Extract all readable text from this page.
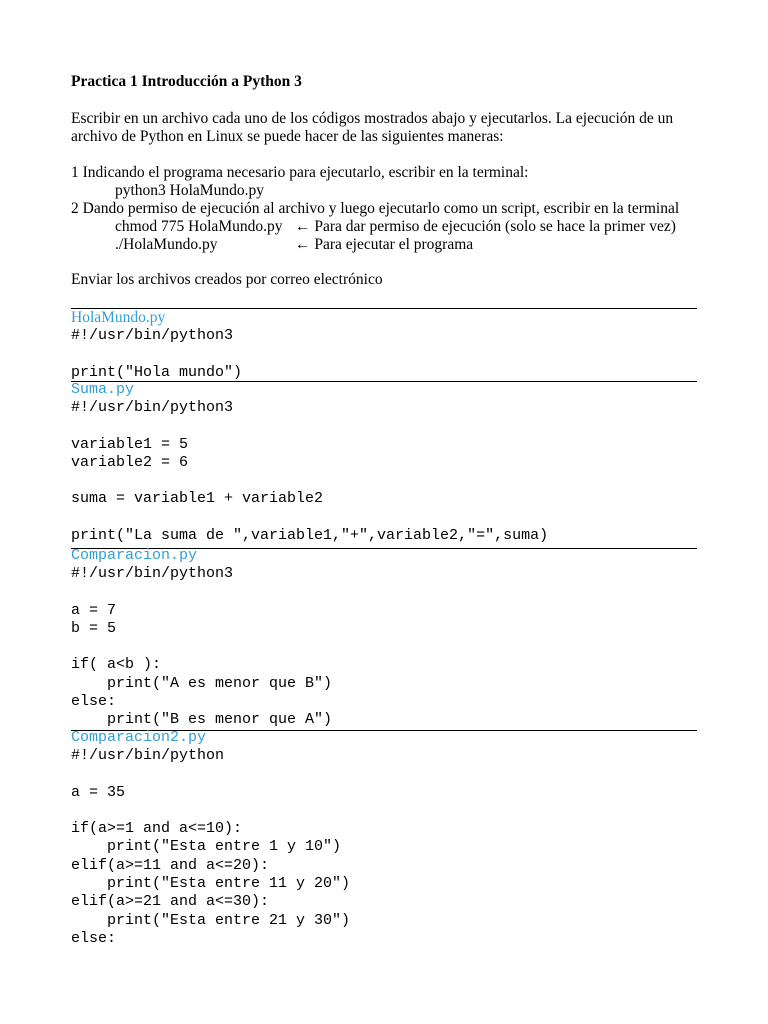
Practica 1 Introducción a Python 3
Escribir en un archivo cada uno de los códigos mostrados abajo y ejecutarlos. La ejecución de un archivo de Python en Linux se puede hacer de las siguientes maneras:
1 Indicando el programa necesario para ejecutarlo, escribir en la terminal:
python3 HolaMundo.py
2 Dando permiso de ejecución al archivo y luego ejecutarlo como un script, escribir en la terminal
chmod 775 HolaMundo.py ← Para dar permiso de ejecución (solo se hace la primer vez)
./HolaMundo.py	← Para ejecutar el programa
Enviar los archivos creados por correo electrónico
HolaMundo.py
#!/usr/bin/python3

print("Hola mundo")
Suma.py
#!/usr/bin/python3

variable1 = 5
variable2 = 6

suma = variable1 + variable2

print("La suma de ",variable1,"+",variable2,"=",suma)
Comparacion.py
#!/usr/bin/python3

a = 7
b = 5

if( a<b ):
print("A es menor que B")
else:
print("B es menor que A")
Comparacion2.py
#!/usr/bin/python

a = 35

if(a>=1 and a<=10):
print("Esta entre 1 y 10")
elif(a>=11 and a<=20):
print("Esta entre 11 y 20")
elif(a>=21 and a<=30):
print("Esta entre 21 y 30")
else:
